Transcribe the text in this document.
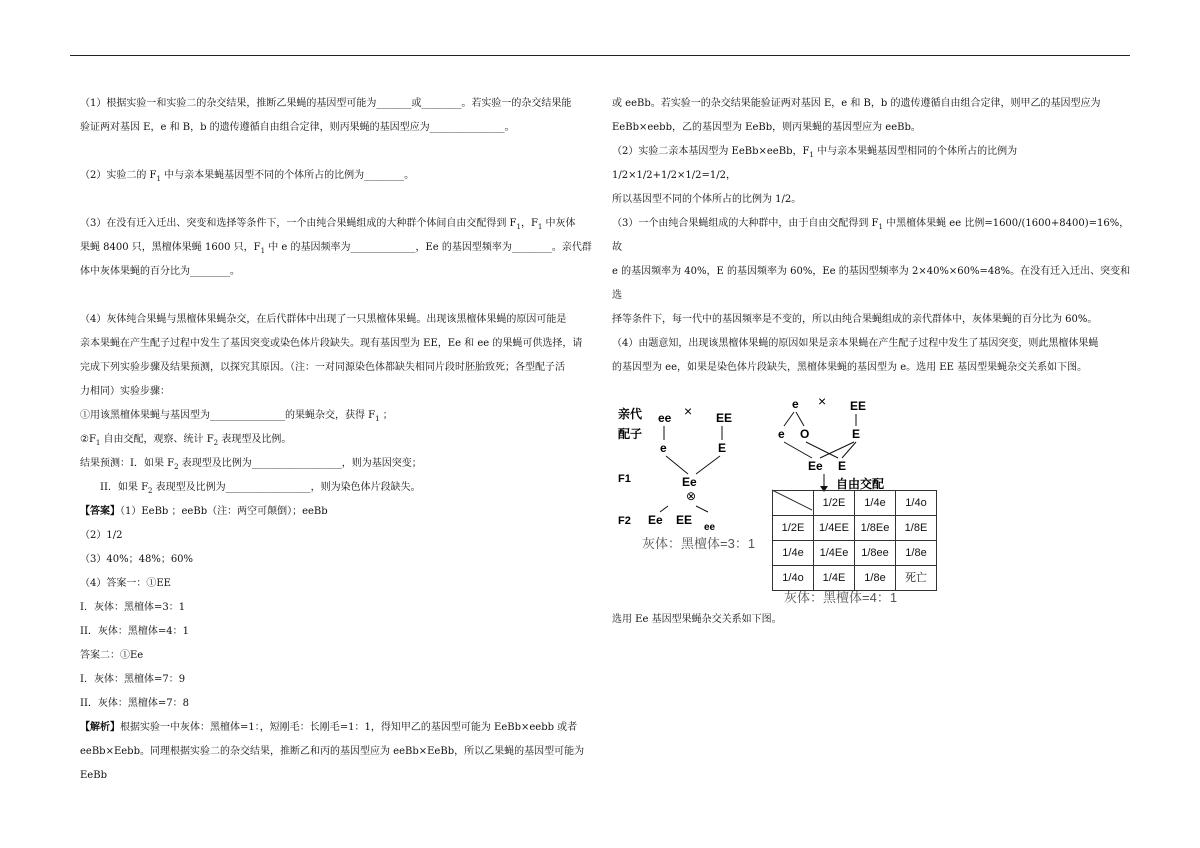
（1）根据实验一和实验二的杂交结果，推断乙果蝇的基因型可能为_______或________。若实验一的杂交结果能

验证两对基因 E，e 和 B，b 的遗传遵循自由组合定律，则丙果蝇的基因型应为_______________。

（2）实验二的 $F_1$ 中与亲本果蝇基因型不同的个体所占的比例为________。

（3）在没有迁入迁出、突变和选择等条件下，一个由纯合果蝇组成的大种群个体间自由交配得到 $F_1$，$F_1$ 中灰体

果蝇 8400 只，黑檀体果蝇 1600 只，$F_1$ 中 e 的基因频率为_____________，Ee 的基因型频率为________。亲代群

体中灰体果蝇的百分比为________。

（4）灰体纯合果蝇与黑檀体果蝇杂交，在后代群体中出现了一只黑檀体果蝇。出现该黑檀体果蝇的原因可能是

亲本果蝇在产生配子过程中发生了基因突变或染色体片段缺失。现有基因型为 EE，Ee 和 ee 的果蝇可供选择，请

完成下列实验步骤及结果预测，以探究其原因。（注：一对同源染色体都缺失相同片段时胚胎致死；各型配子活

力相同）实验步骤：

①用该黑檀体果蝇与基因型为_______________的果蝇杂交，获得 $F_1$ ；

$②F_1$ 自由交配，观察、统计 $F_2$ 表现型及比例。

结果预测：I．如果 $F_2$ 表现型及比例为__________________，则为基因突变；

II．如果 $F_2$ 表现型及比例为_________________，则为染色体片段缺失。

【答案】（1）EeBb ；eeBb（注：两空可颠倒）；eeBb

（2）1/2

（3）40%；48%；60%

（4）答案一：①EE

I．灰体：黑檀体=3：1

II．灰体：黑檀体=4：1

答案二：①Ee

I．灰体：黑檀体=7：9

II．灰体：黑檀体=7：8

【解析】根据实验一中灰体：黑檀体=1：，短刚毛：长刚毛=1：1，得知甲乙的基因型可能为 EeBb×eebb 或者

eeBb×Eebb。同理根据实验二的杂交结果，推断乙和丙的基因型应为 eeBb×EeBb，所以乙果蝇的基因型可能为 EeBb

或 eeBb。若实验一的杂交结果能验证两对基因 E，e 和 B，b 的遗传遵循自由组合定律，则甲乙的基因型应为

EeBb×eebb，乙的基因型为 EeBb，则丙果蝇的基因型应为 eeBb。

（2）实验二亲本基因型为 EeBb×eeBb，$F_1$ 中与亲本果蝇基因型相同的个体所占的比例为 1/2×1/2+1/2×1/2=1/2，

所以基因型不同的个体所占的比例为 1/2。

（3）一个由纯合果蝇组成的大种群中，由于自由交配得到 $F_1$ 中黑檀体果蝇 ee 比例=1600/(1600+8400)=16%，故

e 的基因频率为 40%，E 的基因频率为 60%，Ee 的基因型频率为 2×40%×60%=48%。在没有迁入迁出、突变和选

择等条件下，每一代中的基因频率是不变的，所以由纯合果蝇组成的亲代群体中，灰体果蝇的百分比为 60%。

（4）由题意知，出现该黑檀体果蝇的原因如果是亲本果蝇在产生配子过程中发生了基因突变，则此黑檀体果蝇

的基因型为 ee，如果是染色体片段缺失，黑檀体果蝇的基因型为 e。选用 EE 基因型果蝇杂交关系如下图。

亲代
配子
ee × EE
e	E
F1	Ee
⊗
F2 Ee EE
ee
灰体：黑檀体=3：1
e × EE
e O	E
Ee E
自由交配
灰体：黑檀体=4：1
	1/2E	1/4e	1/4o
1/2E	1/4EE	1/8Ee	1/8E
1/4e	1/4Ee	1/8ee	1/8e
1/4o	1/4E	1/8e	死亡

选用 Ee 基因型果蝇杂交关系如下图。
